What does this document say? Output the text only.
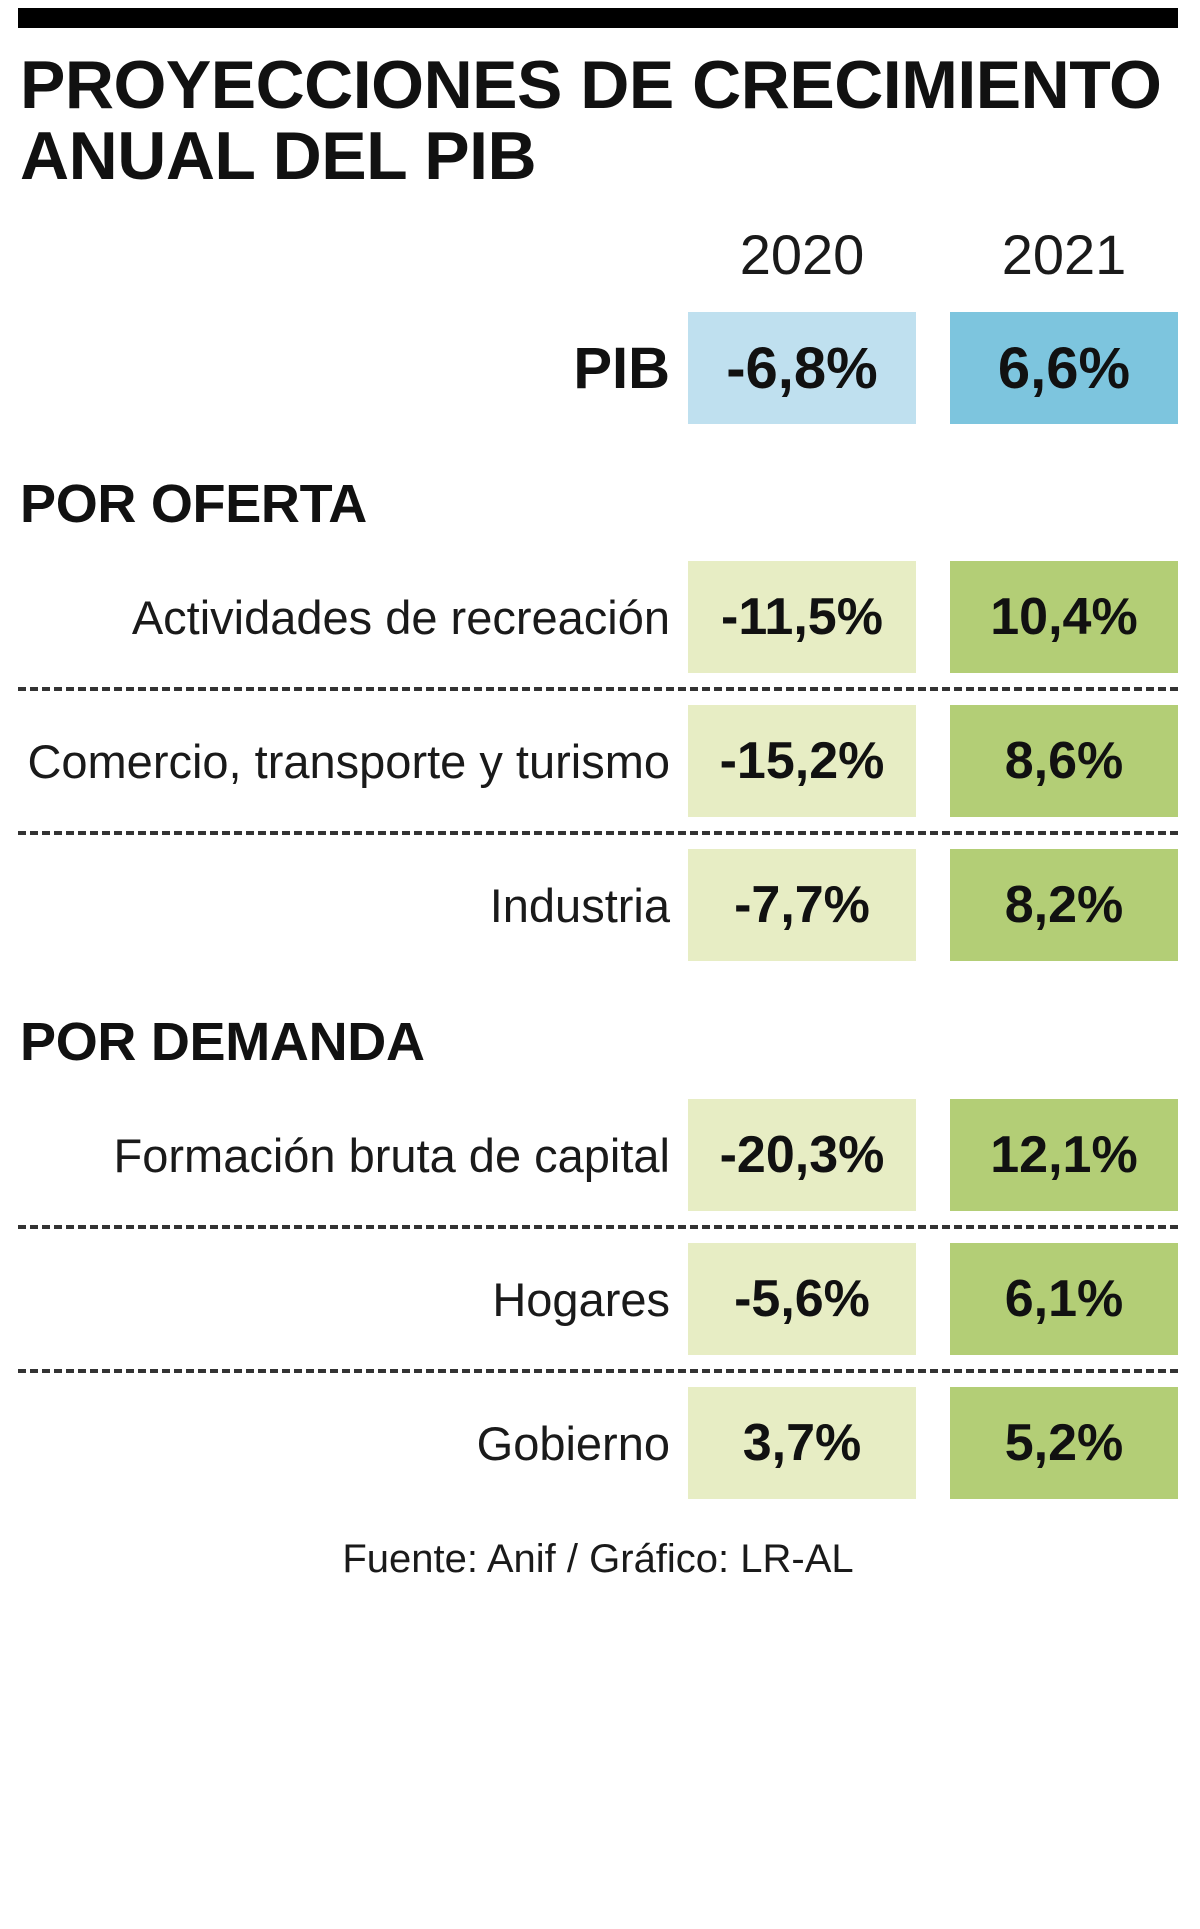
PROYECCIONES DE CRECIMIENTO ANUAL DEL PIB
2020 2021
PIB -6,8%	6,6%
POR OFERTA
Actividades de recreación -11,5%	10,4%
Comercio, transporte y turismo -15,2%	8,6%
Industria	-7,7%	8,2%
POR DEMANDA
Formación bruta de capital -20,3%	12,1%
Hogares	-5,6%	6,1%
Gobierno	3,7%	5,2%
Fuente: Anif / Gráfico: LR-AL
